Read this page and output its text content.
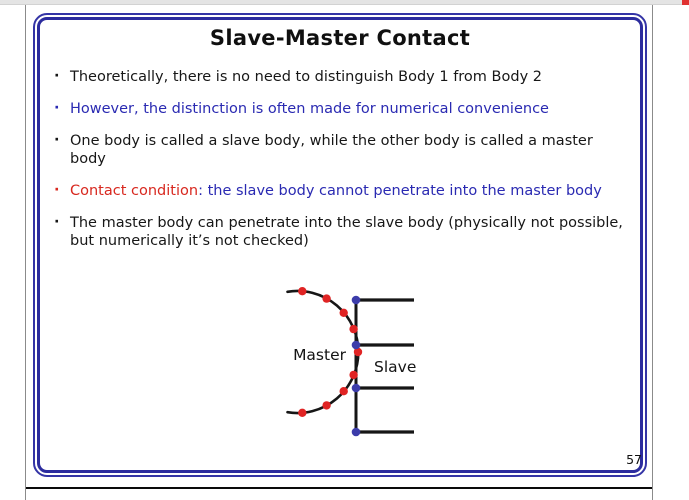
Slave-Master Contact
· Theoretically, there is no need to distinguish Body 1 from Body 2
· However, the distinction is often made for numerical convenience
· One body is called a slave body, while the other body is called a master body
· Contact condition: the slave body cannot penetrate into the master body
· The master body can penetrate into the slave body (physically not possible, but numerically it’s not checked)
Master
Slave
57
